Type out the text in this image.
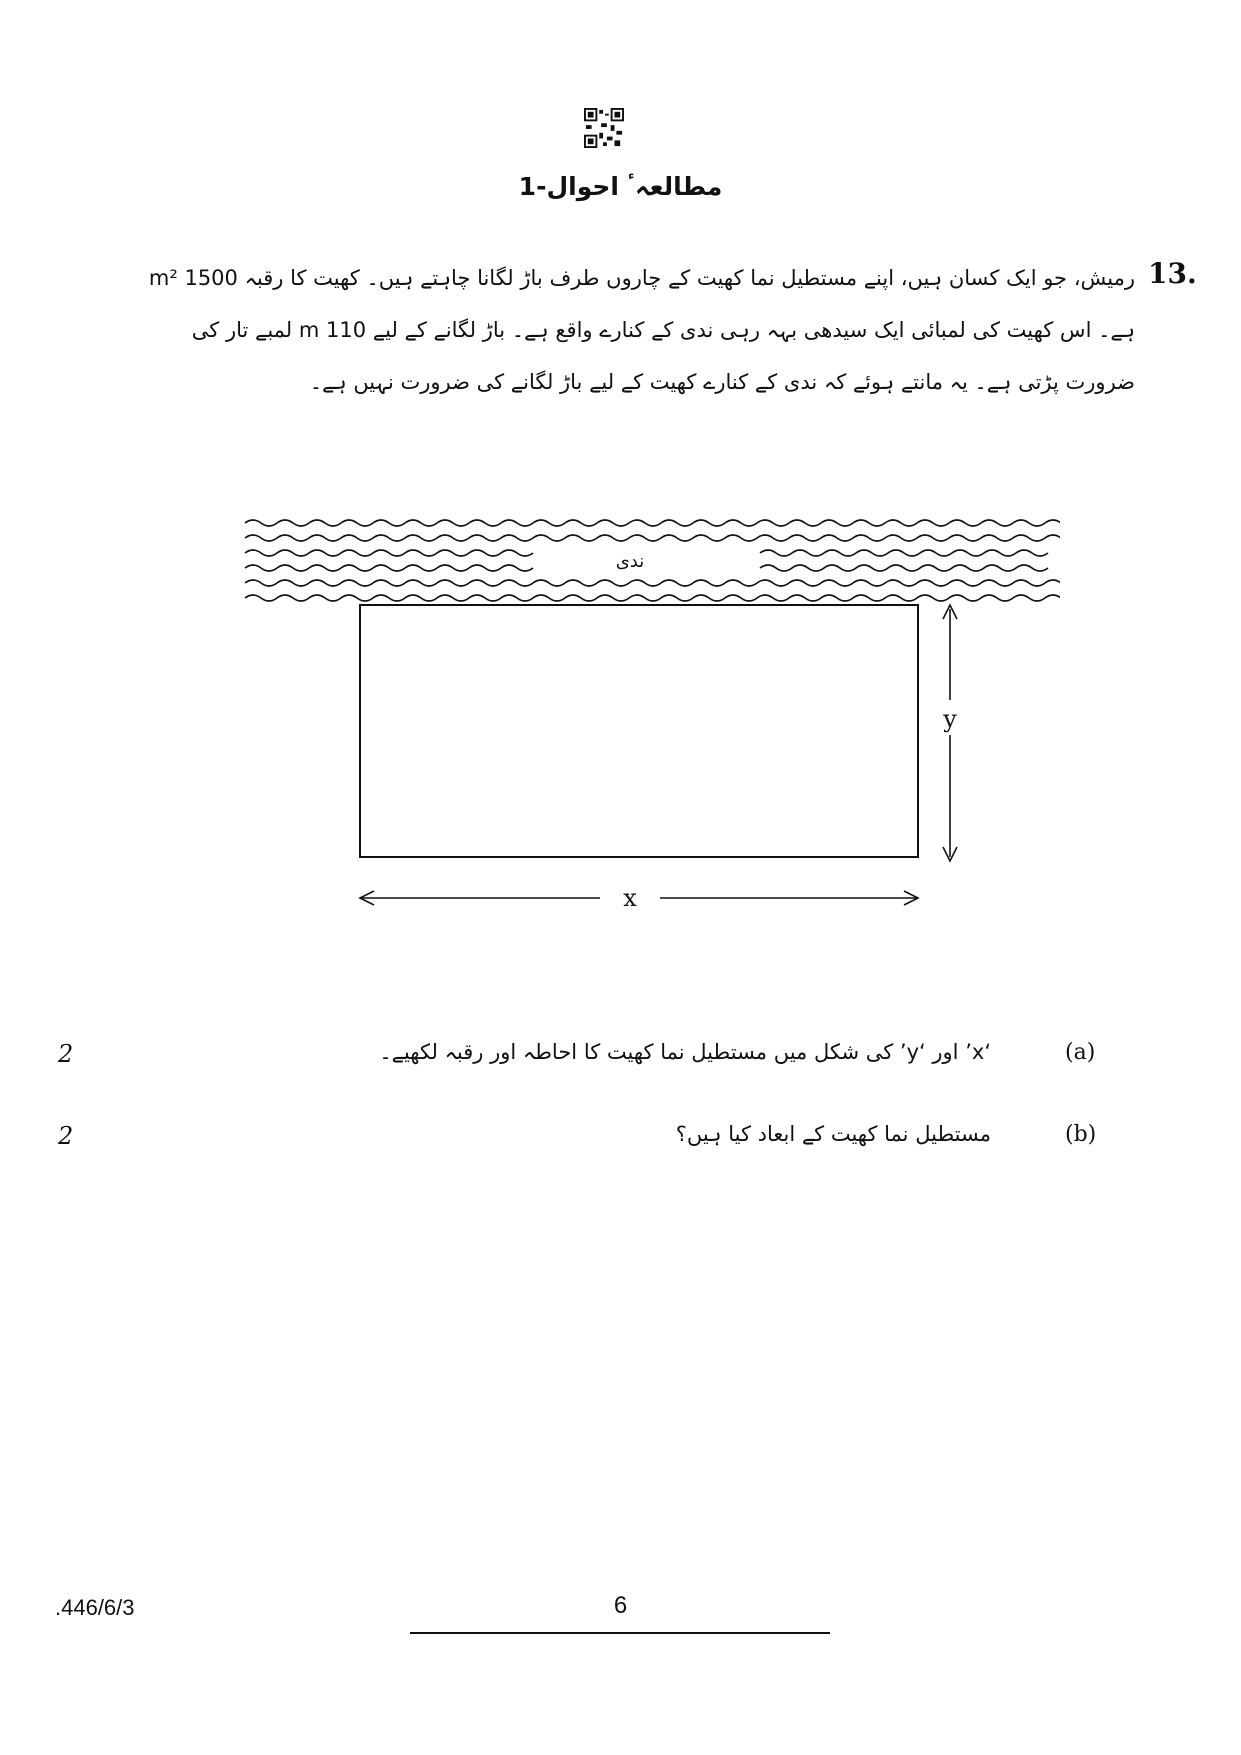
مطالعہٴ احوال-1
13.
رمیش، جو ایک کسان ہیں، اپنے مستطیل نما کھیت کے چاروں طرف باڑ لگانا چاہتے ہیں۔ کھیت کا رقبہ 1500 m² ہے۔ اس کھیت کی لمبائی ایک سیدھی بہہ رہی ندی کے کنارے واقع ہے۔ باڑ لگانے کے لیے 110 m لمبے تار کی ضرورت پڑتی ہے۔ یہ مانتے ہوئے کہ ندی کے کنارے کھیت کے لیے باڑ لگانے کی ضرورت نہیں ہے۔
ندی
y
x
(a)
‘x’ اور ‘y’ کی شکل میں مستطیل نما کھیت کا احاطہ اور رقبہ لکھیے۔
2
(b)
مستطیل نما کھیت کے ابعاد کیا ہیں؟
2
.446/6/3	6
